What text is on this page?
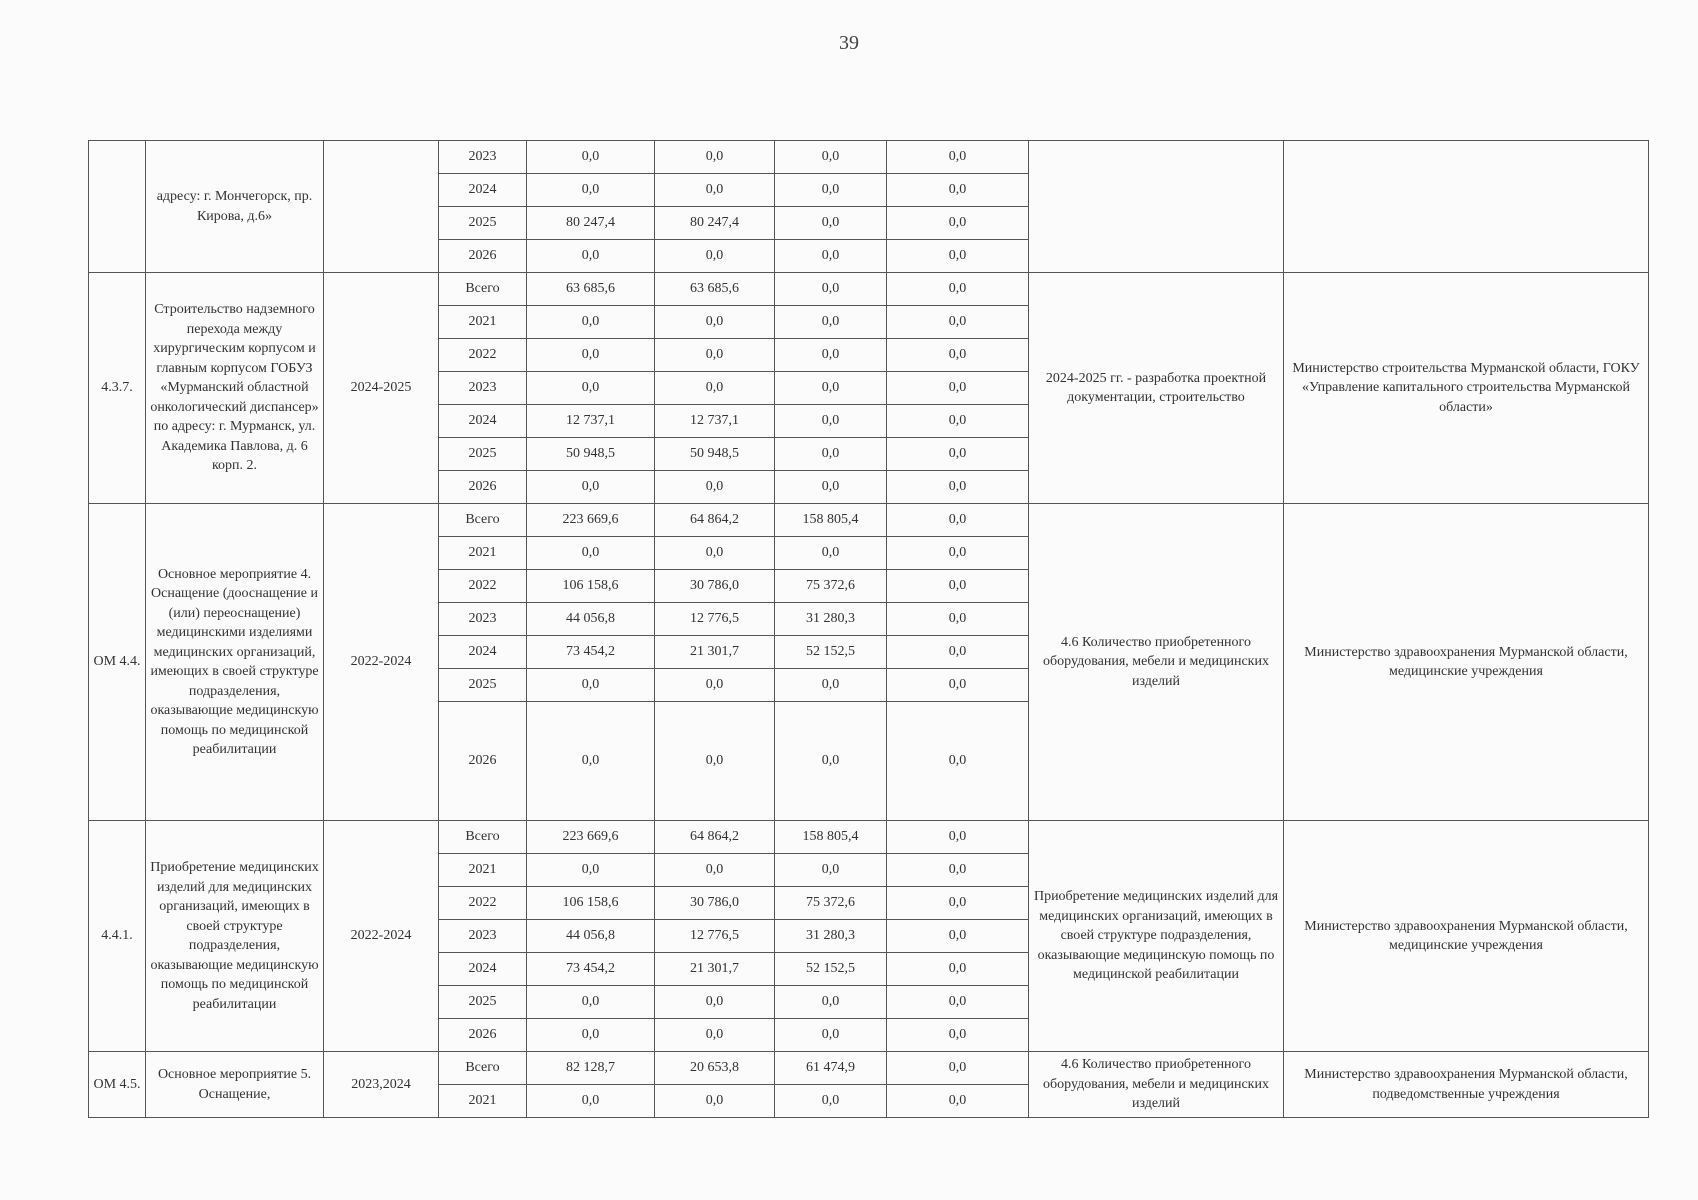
39
	адресу: г. Мончегорск, пр. Кирова, д.6»		2023	0,0	0,0	0,0	0,0		
			2024	0,0	0,0	0,0	0,0		
			2025	80 247,4	80 247,4	0,0	0,0		
			2026	0,0	0,0	0,0	0,0		
4.3.7.	Строительство надземного перехода между хирургическим корпусом и главным корпусом ГОБУЗ «Мурманский областной онкологический диспансер» по адресу: г. Мурманск, ул. Академика Павлова, д. 6 корп. 2.	2024-2025	Всего	63 685,6	63 685,6	0,0	0,0	2024-2025 гг. - разработка проектной документации, строительство	Министерство строительства Мурманской области, ГОКУ «Управление капитального строительства Мурманской области»
			2021	0,0	0,0	0,0	0,0		
			2022	0,0	0,0	0,0	0,0		
			2023	0,0	0,0	0,0	0,0		
			2024	12 737,1	12 737,1	0,0	0,0		
			2025	50 948,5	50 948,5	0,0	0,0		
			2026	0,0	0,0	0,0	0,0		
ОМ 4.4.	Основное мероприятие 4. Оснащение (дооснащение и (или) переоснащение) медицинскими изделиями медицинских организаций, имеющих в своей структуре подразделения, оказывающие медицинскую помощь по медицинской реабилитации	2022-2024	Всего	223 669,6	64 864,2	158 805,4	0,0	4.6 Количество приобретенного оборудования, мебели и медицинских изделий	Министерство здравоохранения Мурманской области, медицинские учреждения
			2021	0,0	0,0	0,0	0,0		
			2022	106 158,6	30 786,0	75 372,6	0,0		
			2023	44 056,8	12 776,5	31 280,3	0,0		
			2024	73 454,2	21 301,7	52 152,5	0,0		
			2025	0,0	0,0	0,0	0,0		
			2026	0,0	0,0	0,0	0,0		
4.4.1.	Приобретение медицинских изделий для медицинских организаций, имеющих в своей структуре подразделения, оказывающие медицинскую помощь по медицинской реабилитации	2022-2024	Всего	223 669,6	64 864,2	158 805,4	0,0	Приобретение медицинских изделий для медицинских организаций, имеющих в своей структуре подразделения, оказывающие медицинскую помощь по медицинской реабилитации	Министерство здравоохранения Мурманской области, медицинские учреждения
			2021	0,0	0,0	0,0	0,0		
			2022	106 158,6	30 786,0	75 372,6	0,0		
			2023	44 056,8	12 776,5	31 280,3	0,0		
			2024	73 454,2	21 301,7	52 152,5	0,0		
			2025	0,0	0,0	0,0	0,0		
			2026	0,0	0,0	0,0	0,0		
ОМ 4.5.	Основное мероприятие 5. Оснащение,	2023,2024	Всего	82 128,7	20 653,8	61 474,9	0,0	4.6 Количество приобретенного оборудования, мебели и медицинских изделий	Министерство здравоохранения Мурманской области, подведомственные учреждения
			2021	0,0	0,0	0,0	0,0		
